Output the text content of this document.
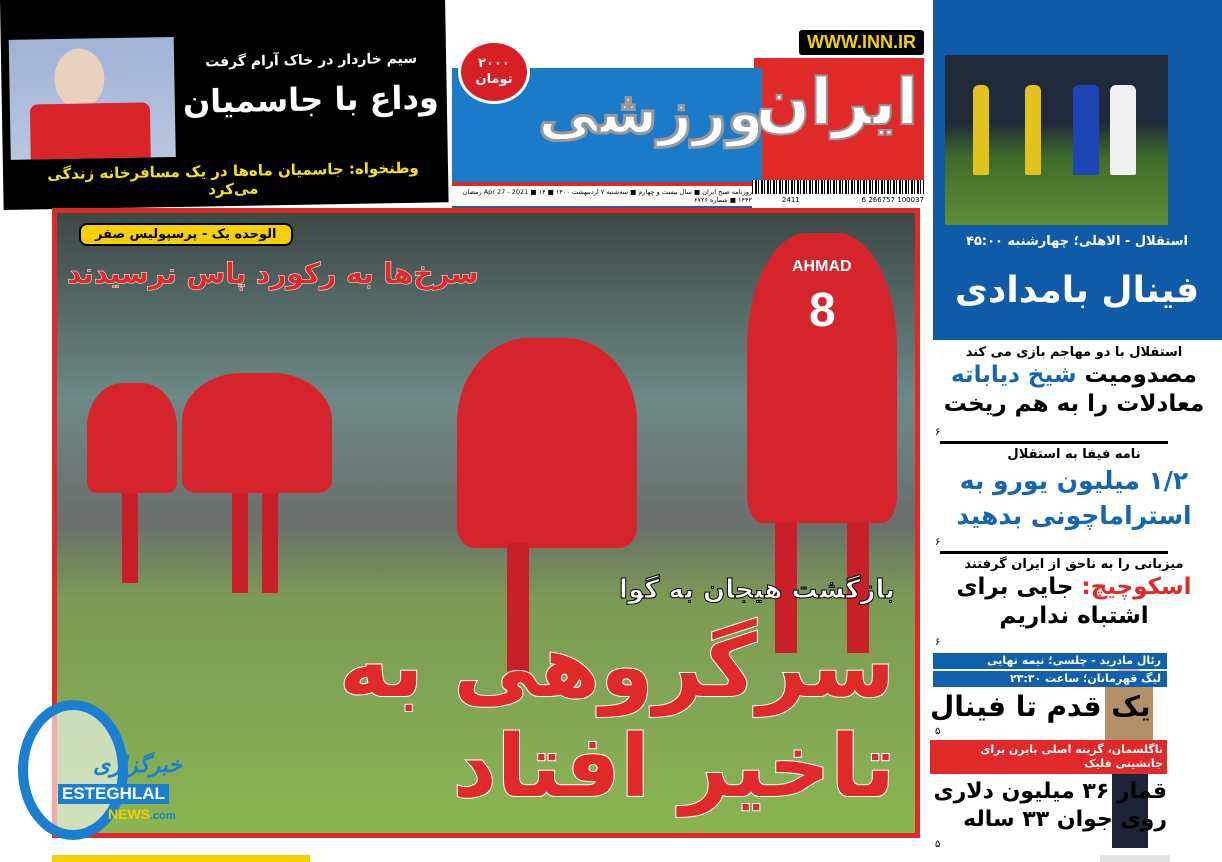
سیم خاردار در خاک آرام گرفت
وداع با جاسمیان
وطنخواه: جاسمیان ماه‌ها در یک مسافرخانه زندگی می‌کرد
WWW.INN.IR
ایران
ورزشی
۲۰۰۰
تومان
روزنامه صبح ایران ■ سال بیست و چهارم ■ سه‌شنبه ۷ اردیبهشت ۱۴۰۰ ■ Apr 27 - 2021 ■ ۱۴ رمضان ۱۴۴۲ ■ شماره ۶۷۲۶	2411	6 266757 100037
استقلال - الاهلی؛ چهارشنبه ۴۵:۰۰
فینال بامدادی
AHMAD
8
الوحده یک - پرسپولیس صفر
سرخ‌ها به رکورد پاس نرسیدند
بازگشت هیجان به گوا
سرگروهی به تاخیر افتاد
خبرگزاری
ESTEGHLAL
NEWS.com
استقلال با دو مهاجم بازی می کند
مصدومیت شیخ دیاباته
معادلات را به هم ریخت
۶
نامه فیفا به استقلال
۱/۲ میلیون یورو به استراماچونی بدهید
۶
میزبانی را به ناحق از ایران گرفتند
اسکوچیچ: جایی برای اشتباه نداریم
۶
رئال مادرید - چلسی؛ نیمه نهایی
لیگ قهرمانان؛ ساعت ۲۳:۳۰
یک قدم تا فینال
۵
ناگلسمان، گزینه اصلی بایرن برای جانشینی فلیک
قمار ۳۶ میلیون دلاری روی جوان ۳۳ ساله
۵
